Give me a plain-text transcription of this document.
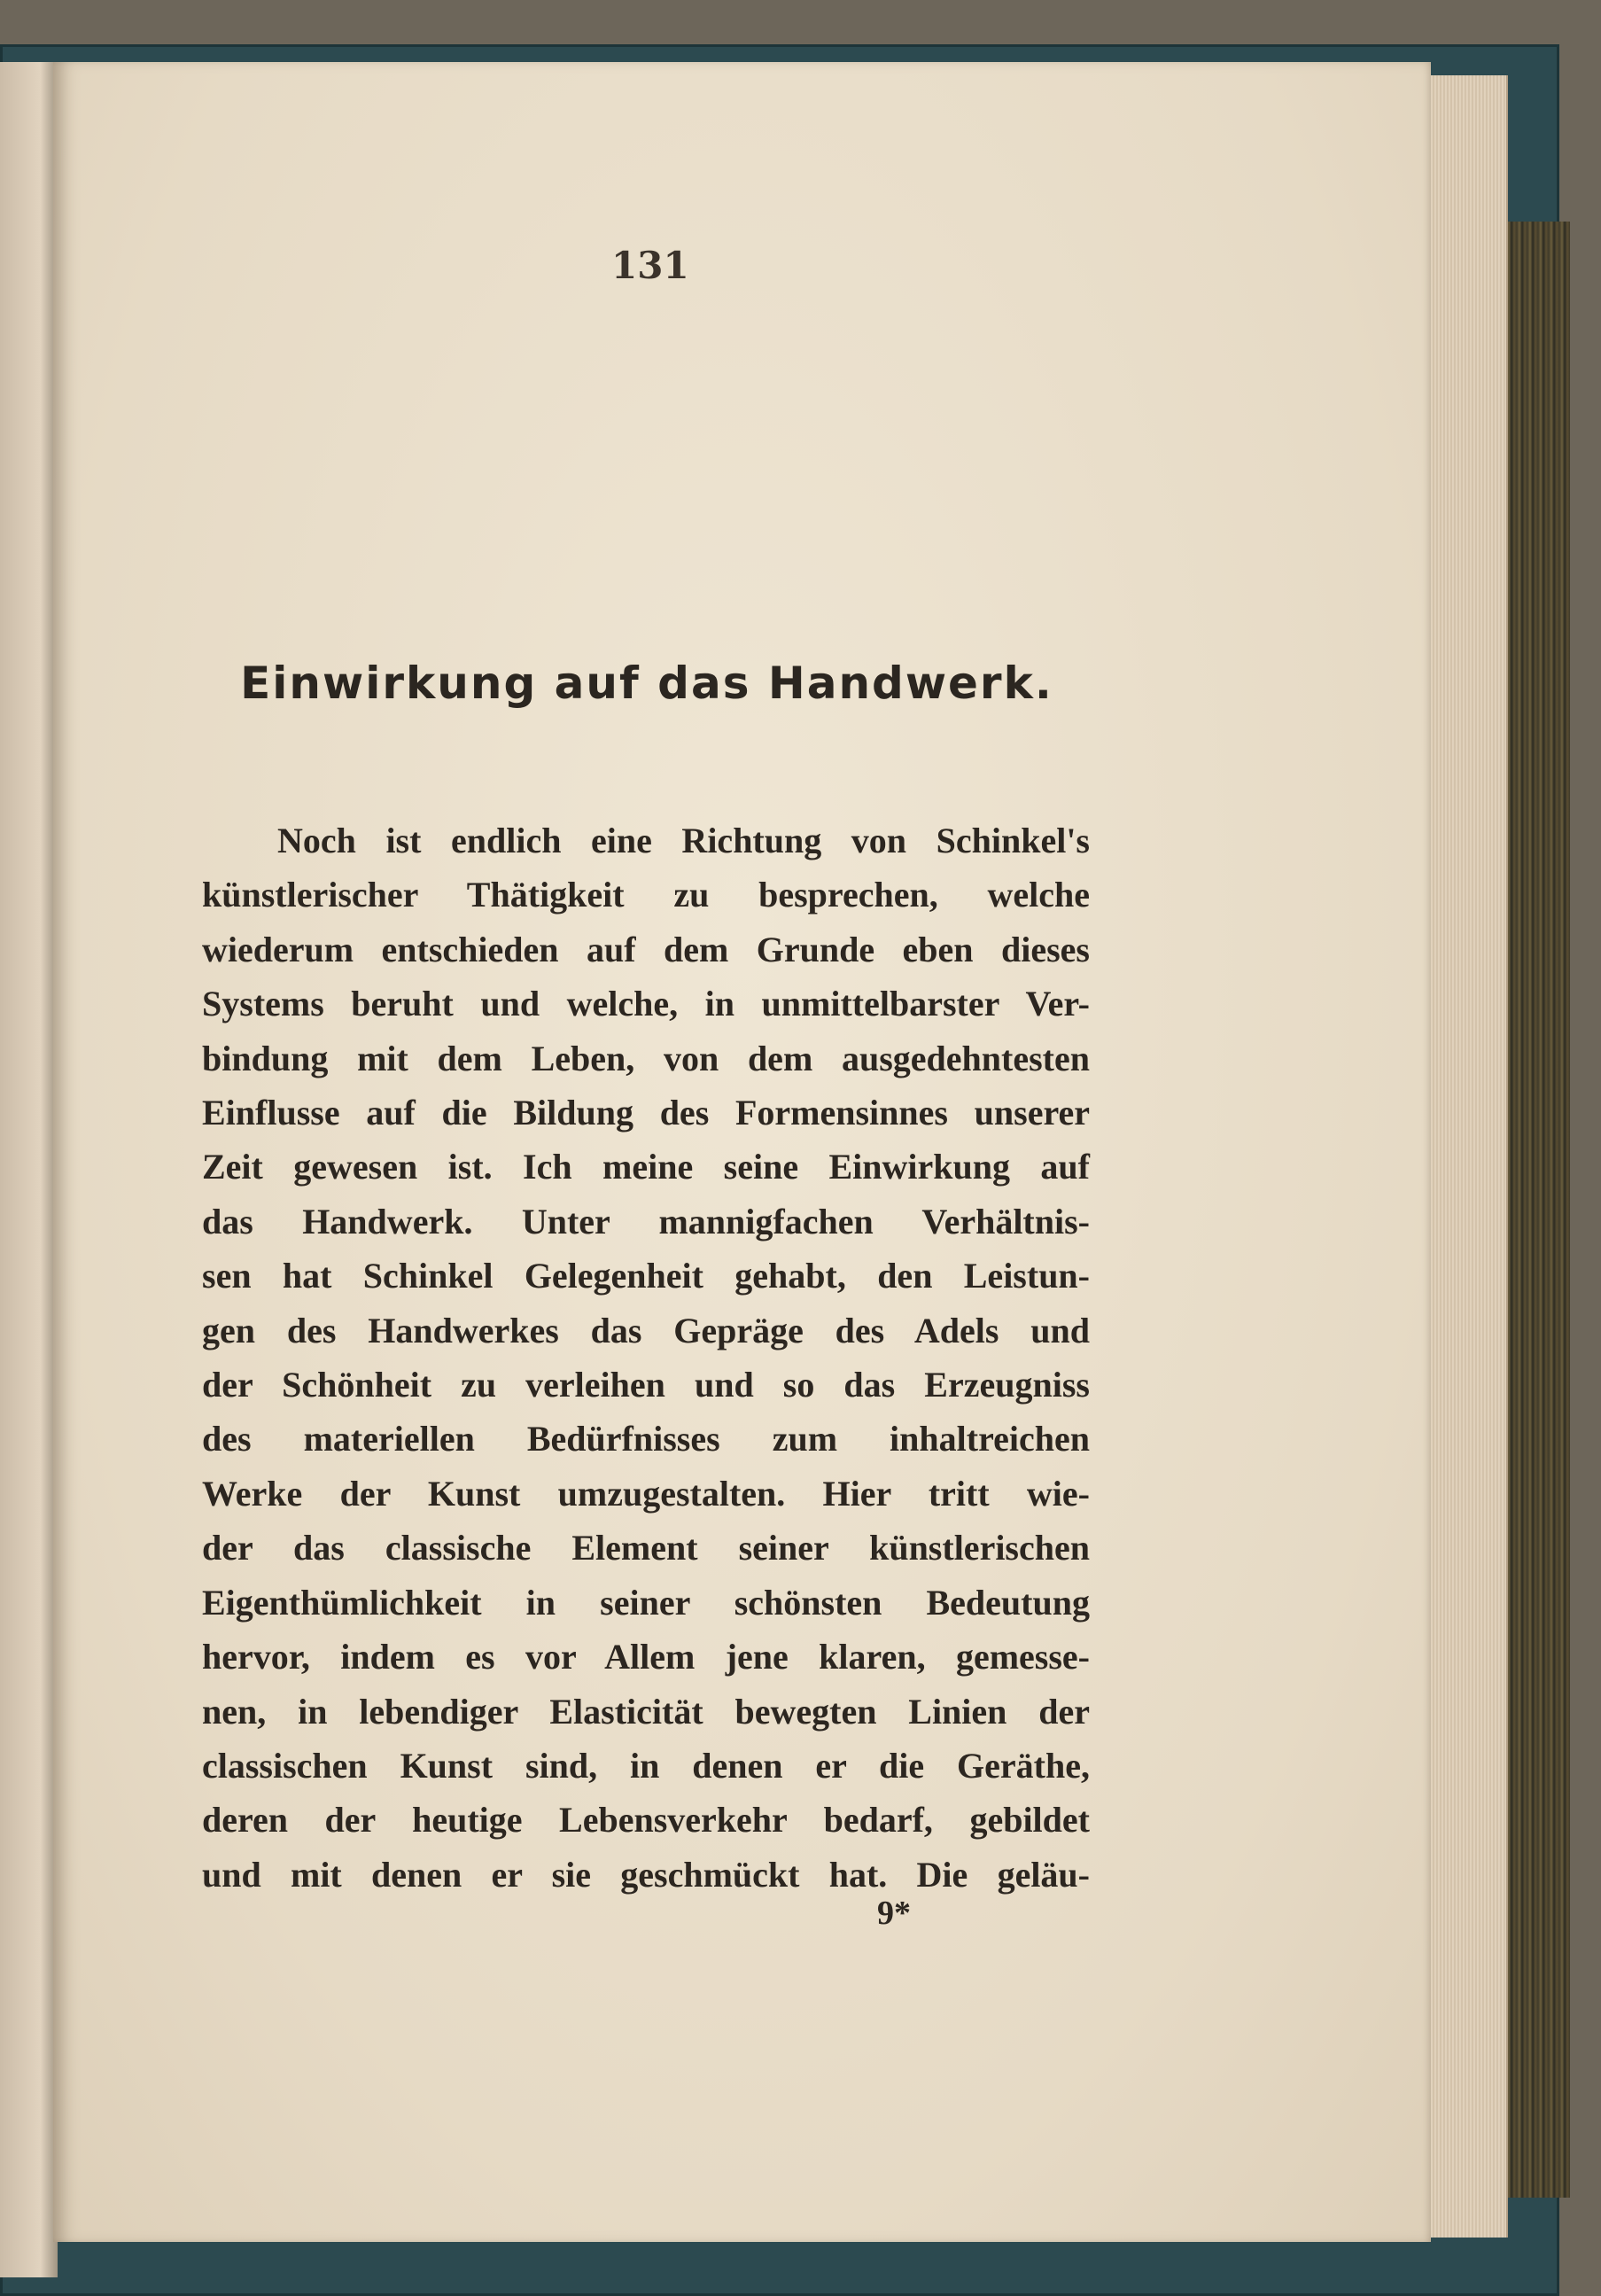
131
Einwirkung auf das Handwerk.
Noch ist endlich eine Richtung von Schinkel's
künstlerischer Thätigkeit zu besprechen, welche
wiederum entschieden auf dem Grunde eben dieses
Systems beruht und welche, in unmittelbarster Ver-
bindung mit dem Leben, von dem ausgedehntesten
Einflusse auf die Bildung des Formensinnes unserer
Zeit gewesen ist. Ich meine seine Einwirkung auf
das Handwerk. Unter mannigfachen Verhältnis-
sen hat Schinkel Gelegenheit gehabt, den Leistun-
gen des Handwerkes das Gepräge des Adels und
der Schönheit zu verleihen und so das Erzeugniss
des materiellen Bedürfnisses zum inhaltreichen
Werke der Kunst umzugestalten. Hier tritt wie-
der das classische Element seiner künstlerischen
Eigenthümlichkeit in seiner schönsten Bedeutung
hervor, indem es vor Allem jene klaren, gemesse-
nen, in lebendiger Elasticität bewegten Linien der
classischen Kunst sind, in denen er die Geräthe,
deren der heutige Lebensverkehr bedarf, gebildet
und mit denen er sie geschmückt hat. Die geläu-
9*
